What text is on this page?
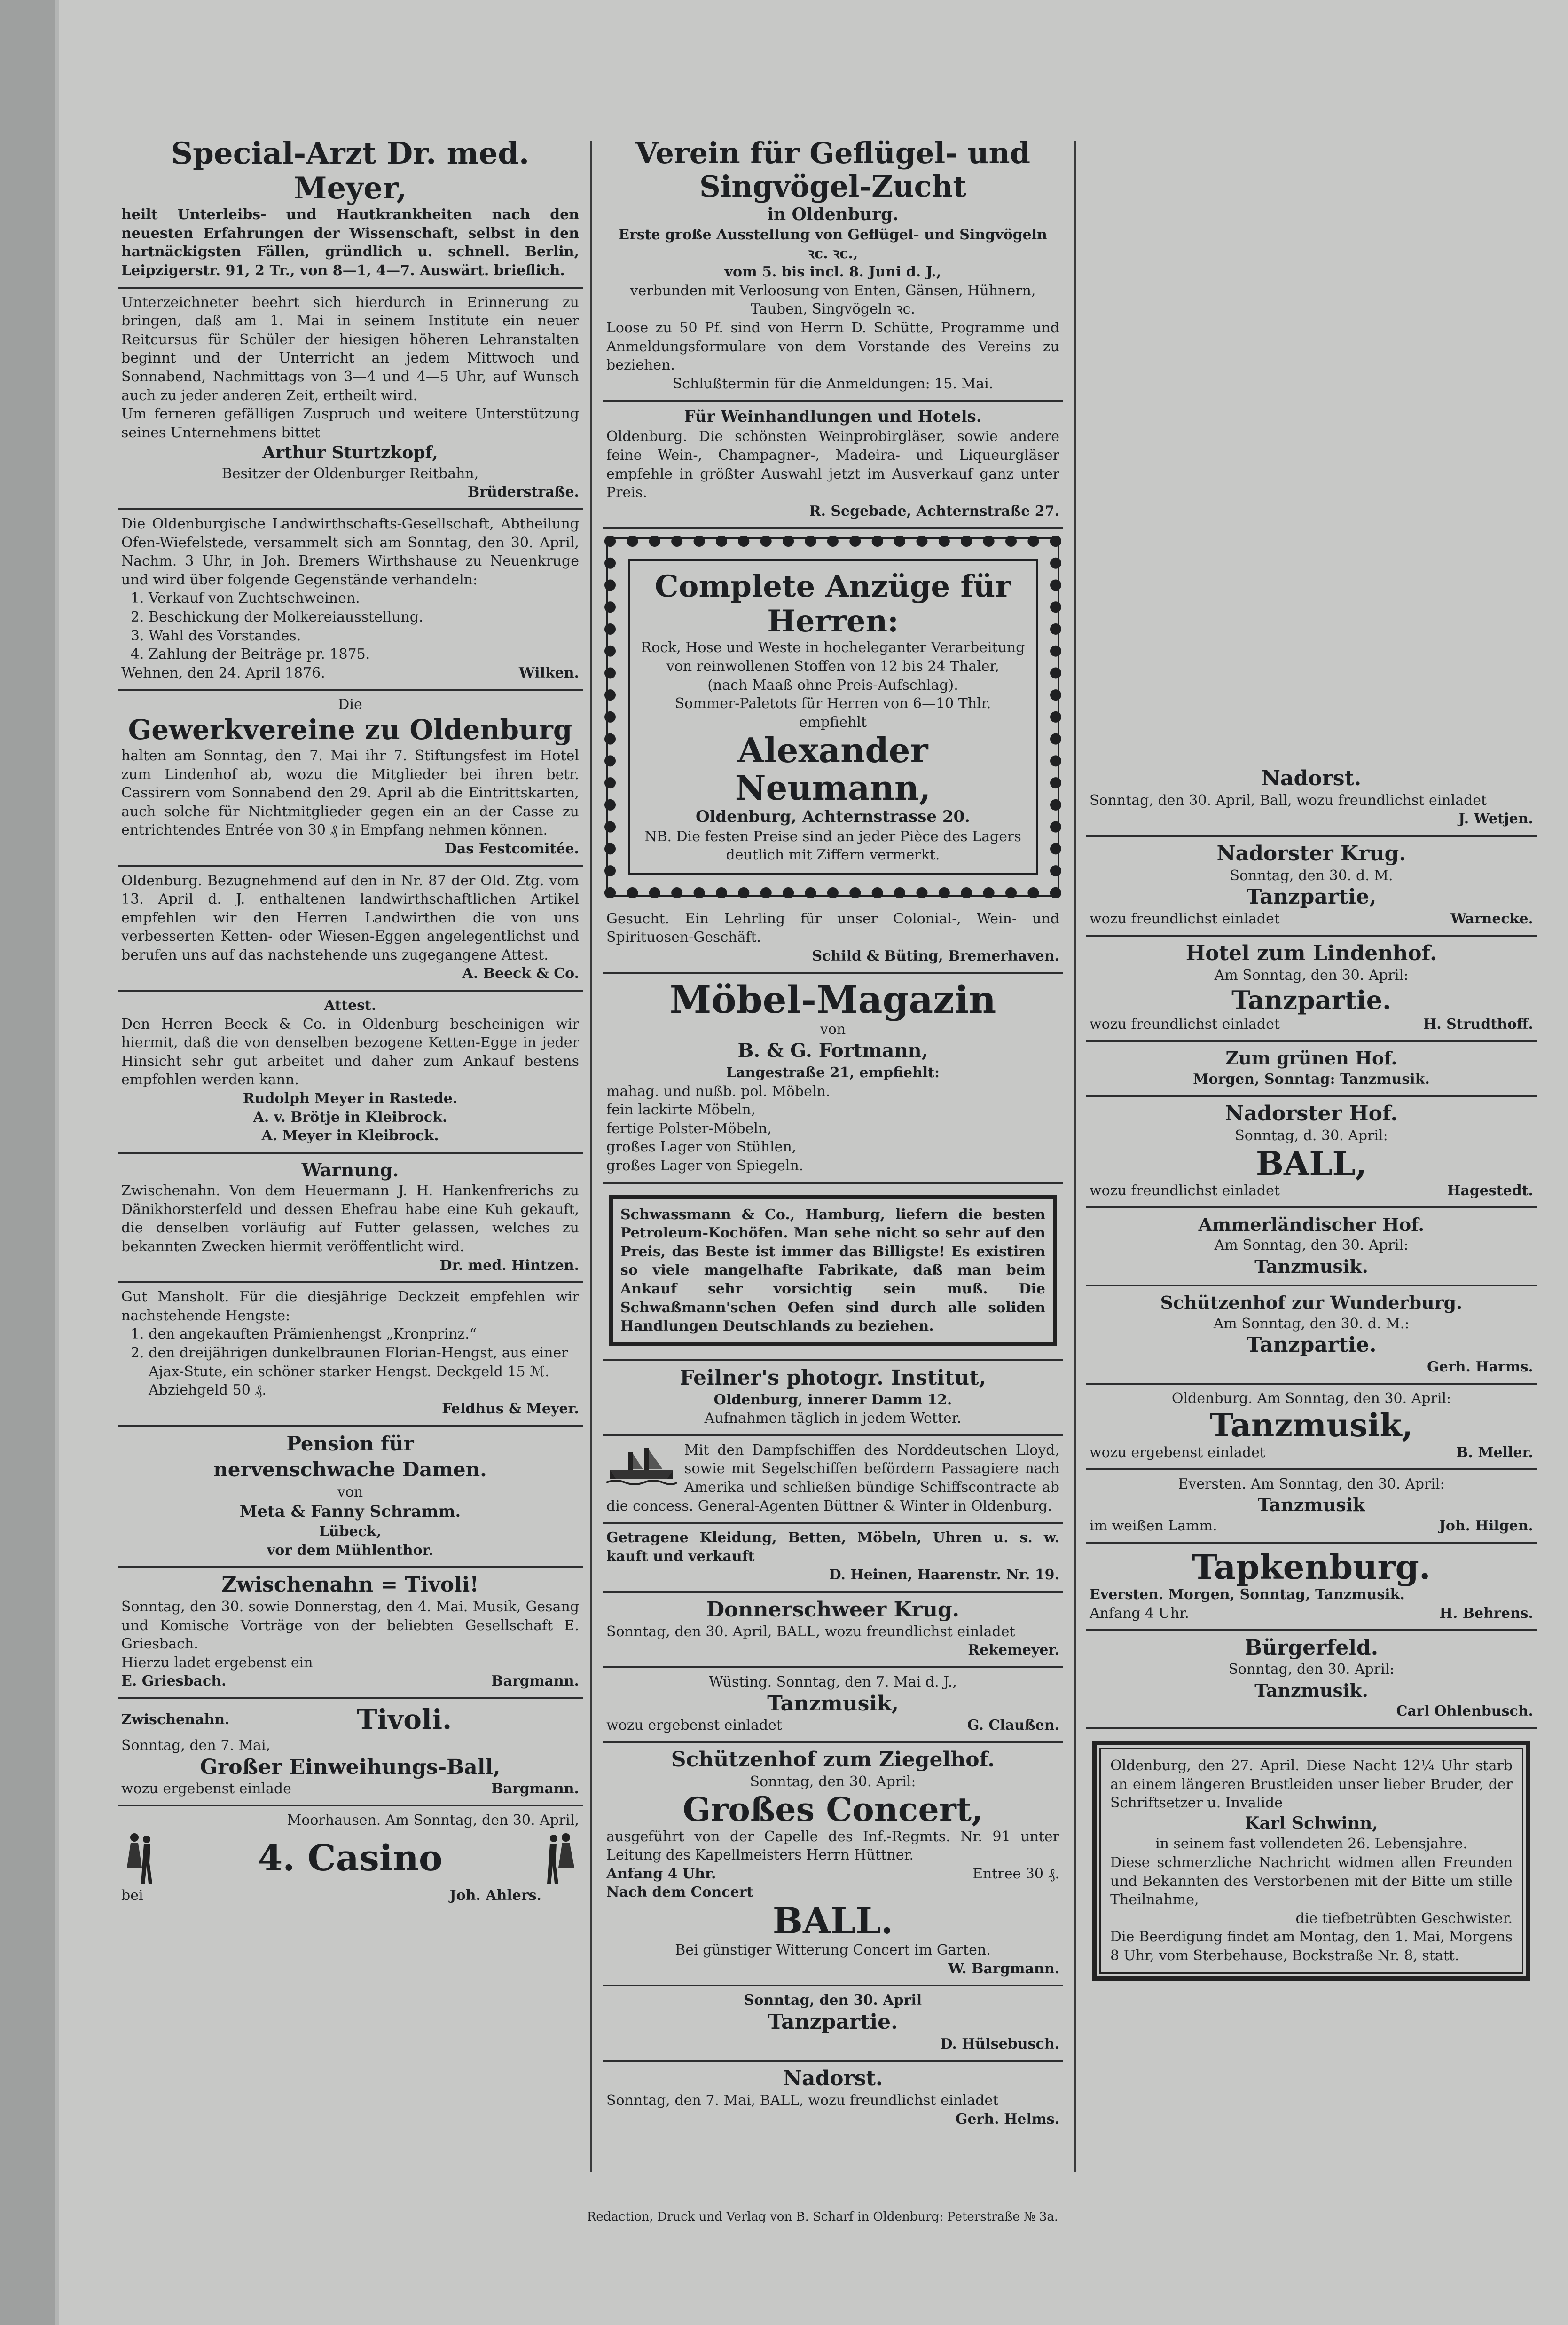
Special-Arzt Dr. med. Meyer,

heilt Unterleibs- und Hautkrankheiten nach den neuesten Erfahrungen der Wissenschaft, selbst in den hartnäckigsten Fällen, gründlich u. schnell. Berlin, Leipzigerstr. 91, 2 Tr., von 8—1, 4—7. Auswärt. brieflich.

Unterzeichneter beehrt sich hierdurch in Erinnerung zu bringen, daß am 1. Mai in seinem Institute ein neuer Reitcursus für Schüler der hiesigen höheren Lehranstalten beginnt und der Unterricht an jedem Mittwoch und Sonnabend, Nachmittags von 3—4 und 4—5 Uhr, auf Wunsch auch zu jeder anderen Zeit, ertheilt wird.

Um ferneren gefälligen Zuspruch und weitere Unterstützung seines Unternehmens bittet

Arthur Sturtzkopf,

Besitzer der Oldenburger Reitbahn,

Brüderstraße.

Die Oldenburgische Landwirthschafts-Gesellschaft, Abtheilung Ofen-Wiefelstede, versammelt sich am Sonntag, den 30. April, Nachm. 3 Uhr, in Joh. Bremers Wirthshause zu Neuenkruge und wird über folgende Gegenstände verhandeln:

1. Verkauf von Zuchtschweinen.
2. Beschickung der Molkereiausstellung.
3. Wahl des Vorstandes.
4. Zahlung der Beiträge pr. 1875.
Wehnen, den 24. April 1876.	Wilken.

Die

Gewerkvereine zu Oldenburg

halten am Sonntag, den 7. Mai ihr 7. Stiftungsfest im Hotel zum Lindenhof ab, wozu die Mitglieder bei ihren betr. Cassirern vom Sonnabend den 29. April ab die Eintrittskarten, auch solche für Nichtmitglieder gegen ein an der Casse zu entrichtendes Entrée von 30 ₰ in Empfang nehmen können.

Das Festcomitée.

Oldenburg. Bezugnehmend auf den in Nr. 87 der Old. Ztg. vom 13. April d. J. enthaltenen landwirthschaftlichen Artikel empfehlen wir den Herren Landwirthen die von uns verbesserten Ketten- oder Wiesen-Eggen angelegentlichst und berufen uns auf das nachstehende uns zugegangene Attest.

A. Beeck & Co.

Attest.

Den Herren Beeck & Co. in Oldenburg bescheinigen wir hiermit, daß die von denselben bezogene Ketten-Egge in jeder Hinsicht sehr gut arbeitet und daher zum Ankauf bestens empfohlen werden kann.

Rudolph Meyer in Rastede.

A. v. Brötje in Kleibrock.

A. Meyer in Kleibrock.

Warnung.

Zwischenahn. Von dem Heuermann J. H. Hankenfrerichs zu Dänikhorsterfeld und dessen Ehefrau habe eine Kuh gekauft, die denselben vorläufig auf Futter gelassen, welches zu bekannten Zwecken hiermit veröffentlicht wird.

Dr. med. Hintzen.

Gut Mansholt. Für die diesjährige Deckzeit empfehlen wir nachstehende Hengste:

1. den angekauften Prämienhengst „Kronprinz.“
2. den dreijährigen dunkelbraunen Florian-Hengst, aus einer Ajax-Stute, ein schöner starker Hengst. Deckgeld 15 ℳ. Abziehgeld 50 ₰.

Feldhus & Meyer.

Pension für
nervenschwache Damen.

von

Meta & Fanny Schramm.

Lübeck,

vor dem Mühlenthor.

Zwischenahn = Tivoli!

Sonntag, den 30. sowie Donnerstag, den 4. Mai. Musik, Gesang und Komische Vorträge von der beliebten Gesellschaft E. Griesbach.

Hierzu ladet ergebenst ein

E. Griesbach.	Bargmann.

Zwischenahn.	Tivoli.

Sonntag, den 7. Mai,

Großer Einweihungs-Ball,
wozu ergebenst einlade	Bargmann.

Moorhausen. Am Sonntag, den 30. April,

4. Casino
bei	Joh. Ahlers.
Verein für Geflügel- und Singvögel-Zucht

in Oldenburg.

Erste große Ausstellung von Geflügel- und Singvögeln ꝛc. ꝛc.,

vom 5. bis incl. 8. Juni d. J.,

verbunden mit Verloosung von Enten, Gänsen, Hühnern, Tauben, Singvögeln ꝛc.

Loose zu 50 Pf. sind von Herrn D. Schütte, Programme und Anmeldungsformulare von dem Vorstande des Vereins zu beziehen.

Schlußtermin für die Anmeldungen: 15. Mai.

Für Weinhandlungen und Hotels.

Oldenburg. Die schönsten Weinprobirgläser, sowie andere feine Wein-, Champagner-, Madeira- und Liqueurgläser empfehle in größter Auswahl jetzt im Ausverkauf ganz unter Preis.

R. Segebade, Achternstraße 27.

Complete Anzüge für Herren:

Rock, Hose und Weste in hocheleganter Verarbeitung von reinwollenen Stoffen von 12 bis 24 Thaler,

(nach Maaß ohne Preis-Aufschlag).

Sommer-Paletots für Herren von 6—10 Thlr. empfiehlt

Alexander Neumann,

Oldenburg, Achternstrasse 20.

NB. Die festen Preise sind an jeder Pièce des Lagers deutlich mit Ziffern vermerkt.

Gesucht. Ein Lehrling für unser Colonial-, Wein- und Spirituosen-Geschäft.

Schild & Büting, Bremerhaven.

Möbel-Magazin

von

B. & G. Fortmann,

Langestraße 21, empfiehlt:

mahag. und nußb. pol. Möbeln.

fein lackirte Möbeln,

fertige Polster-Möbeln,

großes Lager von Stühlen,

großes Lager von Spiegeln.

Schwassmann & Co., Hamburg, liefern die besten Petroleum-Kochöfen. Man sehe nicht so sehr auf den Preis, das Beste ist immer das Billigste! Es existiren so viele mangelhafte Fabrikate, daß man beim Ankauf sehr vorsichtig sein muß. Die Schwaßmann'schen Oefen sind durch alle soliden Handlungen Deutschlands zu beziehen.

Feilner's photogr. Institut,

Oldenburg, innerer Damm 12.

Aufnahmen täglich in jedem Wetter.

Mit den Dampfschiffen des Norddeutschen Lloyd, sowie mit Segelschiffen befördern Passagiere nach Amerika und schließen bündige Schiffscontracte ab die concess. General-Agenten Büttner & Winter in Oldenburg.

Getragene Kleidung, Betten, Möbeln, Uhren u. s. w. kauft und verkauft

D. Heinen, Haarenstr. Nr. 19.

Donnerschweer Krug.

Sonntag, den 30. April, BALL, wozu freundlichst einladet

Rekemeyer.

Wüsting. Sonntag, den 7. Mai d. J.,

Tanzmusik,
wozu ergebenst einladet	G. Claußen.
Schützenhof zum Ziegelhof.

Sonntag, den 30. April:

Großes Concert,

ausgeführt von der Capelle des Inf.-Regmts. Nr. 91 unter Leitung des Kapellmeisters Herrn Hüttner.

Anfang 4 Uhr.	Entree 30 ₰.

Nach dem Concert

BALL.

Bei günstiger Witterung Concert im Garten.

W. Bargmann.

Sonntag, den 30. April

Tanzpartie.

D. Hülsebusch.

Nadorst.

Sonntag, den 7. Mai, BALL, wozu freundlichst einladet

Gerh. Helms.

Nadorst.

Sonntag, den 30. April, Ball, wozu freundlichst einladet

J. Wetjen.

Nadorster Krug.

Sonntag, den 30. d. M.

Tanzpartie,
wozu freundlichst einladet	Warnecke.
Hotel zum Lindenhof.

Am Sonntag, den 30. April:

Tanzpartie.
wozu freundlichst einladet	H. Strudthoff.
Zum grünen Hof.

Morgen, Sonntag: Tanzmusik.

Nadorster Hof.

Sonntag, d. 30. April:

BALL,
wozu freundlichst einladet	Hagestedt.
Ammerländischer Hof.

Am Sonntag, den 30. April:

Tanzmusik.
Schützenhof zur Wunderburg.

Am Sonntag, den 30. d. M.:

Tanzpartie.

Gerh. Harms.

Oldenburg. Am Sonntag, den 30. April:

Tanzmusik,
wozu ergebenst einladet	B. Meller.

Eversten. Am Sonntag, den 30. April:

Tanzmusik
im weißen Lamm.	Joh. Hilgen.
Tapkenburg.

Eversten. Morgen, Sonntag, Tanzmusik.

Anfang 4 Uhr.	H. Behrens.
Bürgerfeld.

Sonntag, den 30. April:

Tanzmusik.

Carl Ohlenbusch.

Oldenburg, den 27. April. Diese Nacht 12¼ Uhr starb an einem längeren Brustleiden unser lieber Bruder, der Schriftsetzer u. Invalide

Karl Schwinn,

in seinem fast vollendeten 26. Lebensjahre.

Diese schmerzliche Nachricht widmen allen Freunden und Bekannten des Verstorbenen mit der Bitte um stille Theilnahme,

die tiefbetrübten Geschwister.

Die Beerdigung findet am Montag, den 1. Mai, Morgens 8 Uhr, vom Sterbehause, Bockstraße Nr. 8, statt.

Redaction, Druck und Verlag von B. Scharf in Oldenburg: Peterstraße № 3a.
